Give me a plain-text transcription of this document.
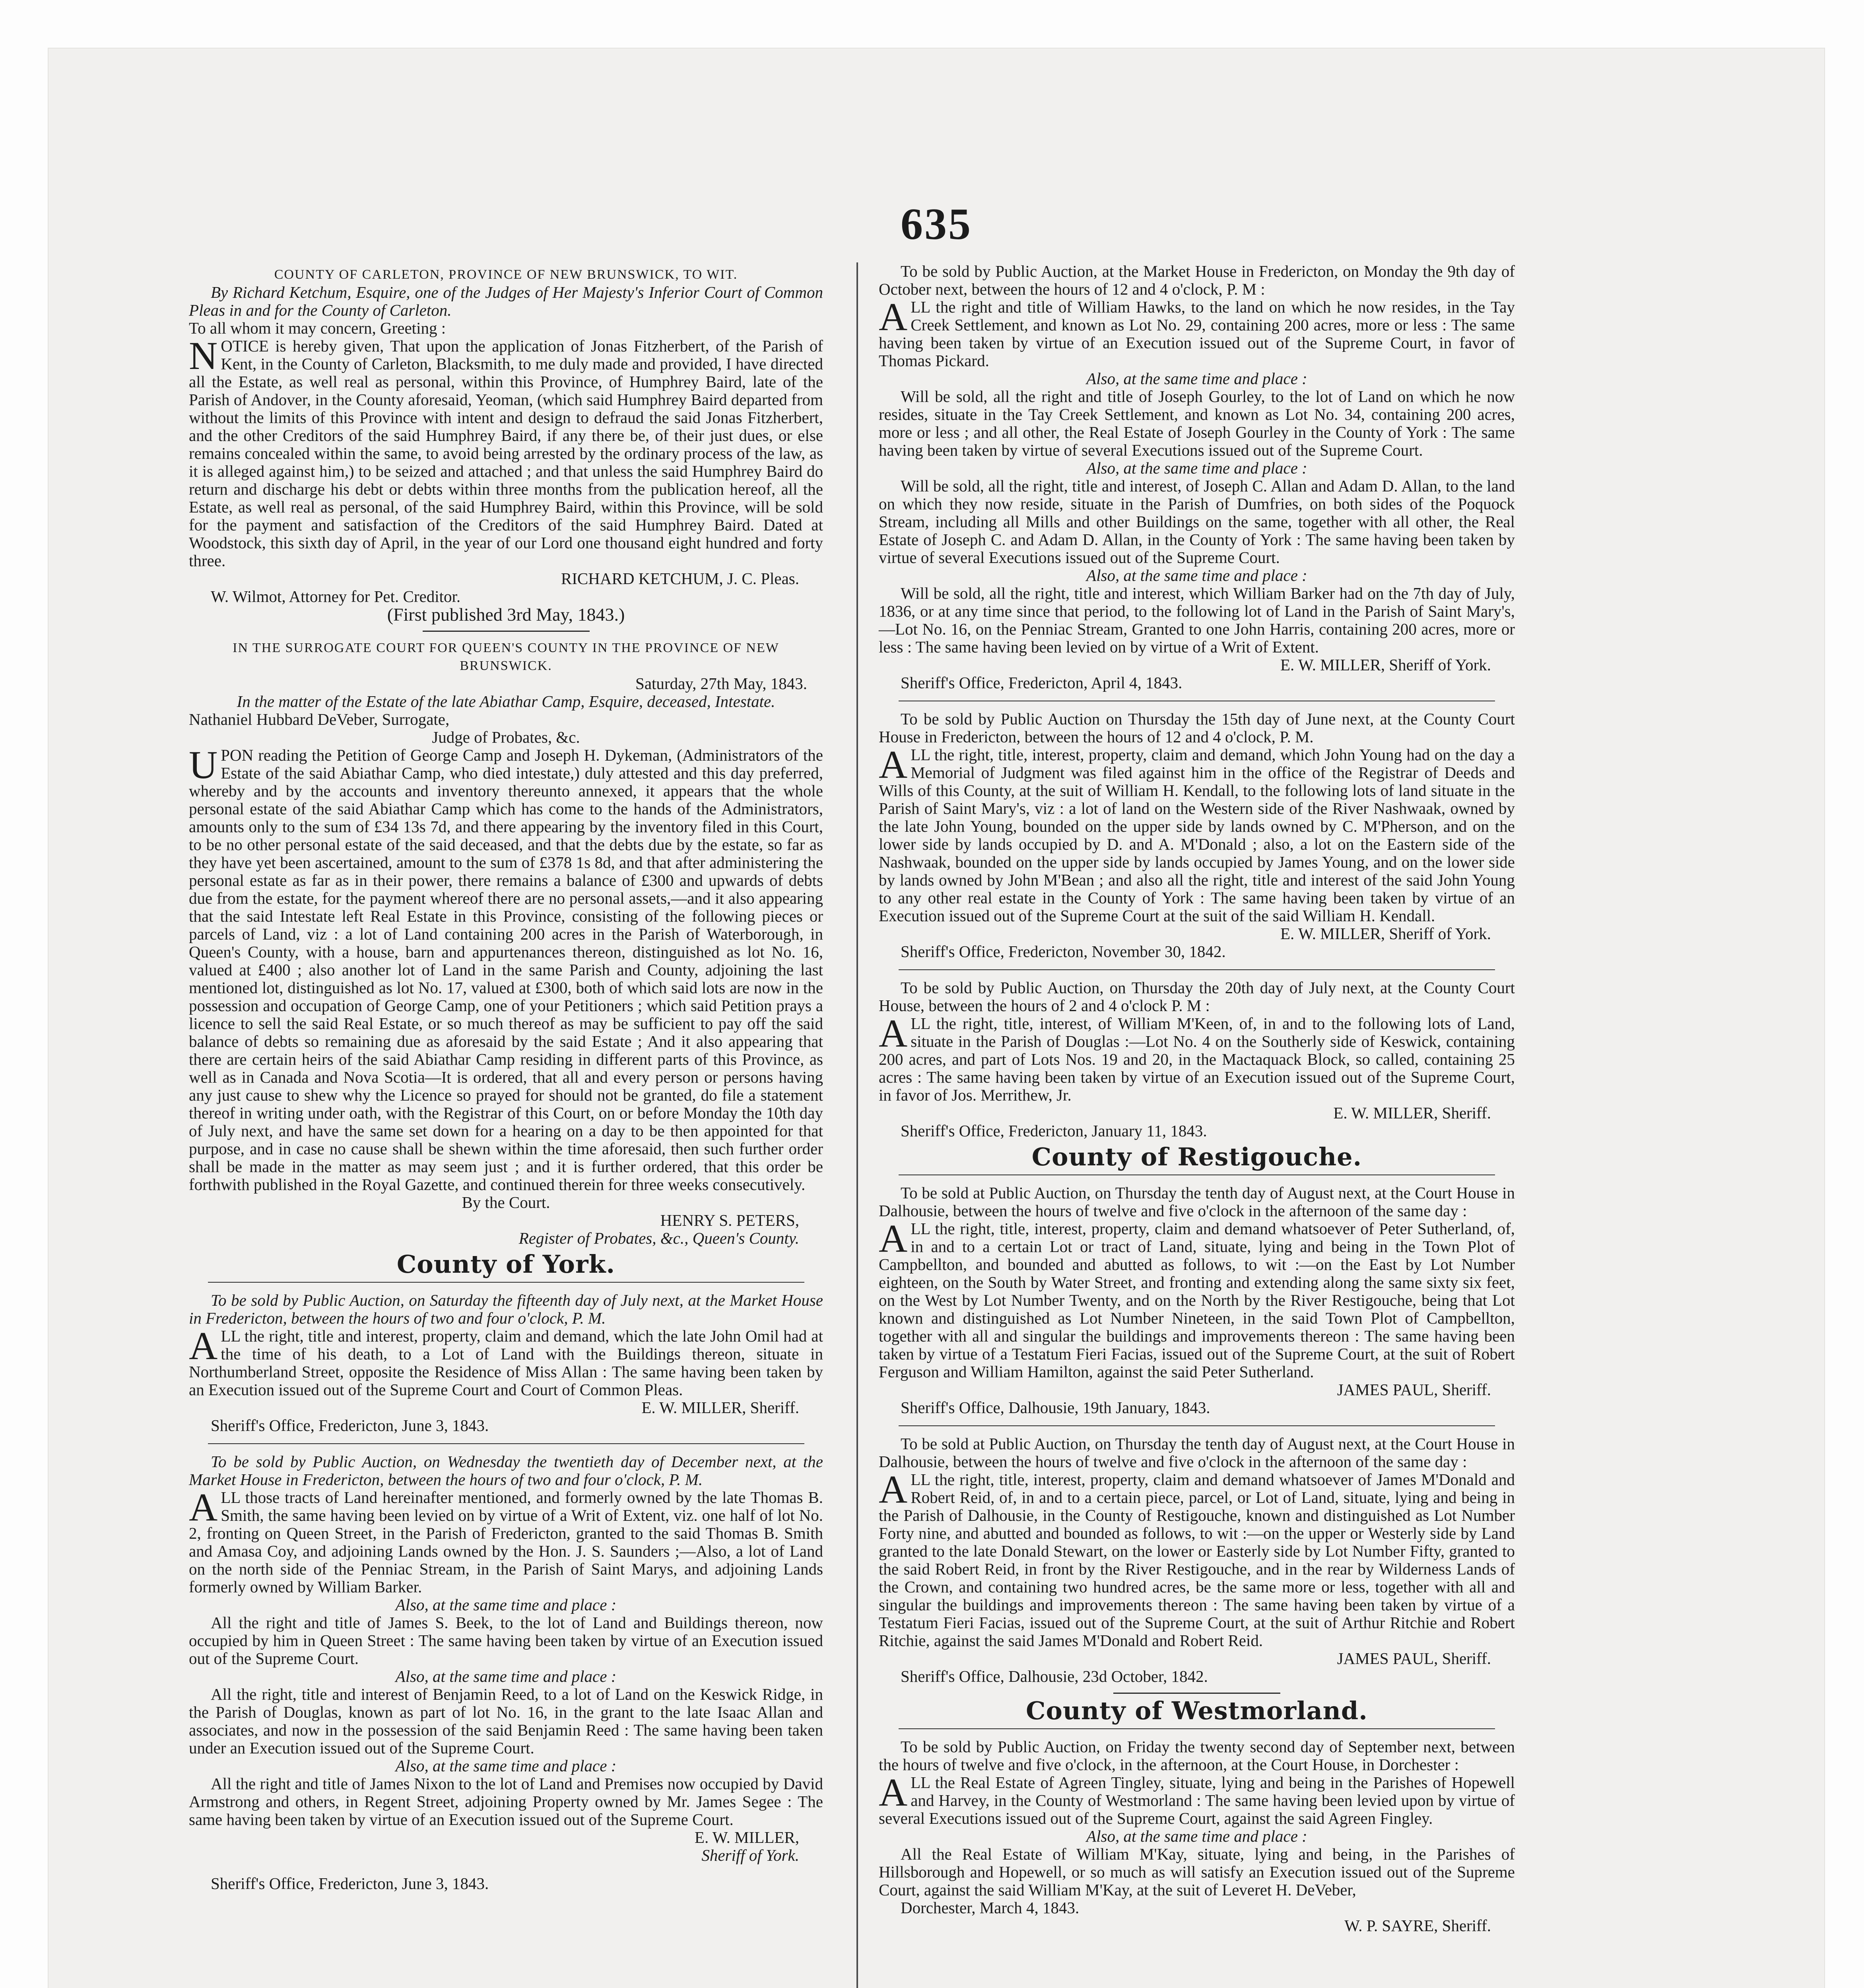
635

COUNTY OF CARLETON, PROVINCE OF NEW BRUNSWICK, TO WIT.

By Richard Ketchum, Esquire, one of the Judges of Her Majesty's Inferior Court of Common Pleas in and for the County of Carleton.

To all whom it may concern, Greeting :

NOTICE is hereby given, That upon the application of Jonas Fitzherbert, of the Parish of Kent, in the County of Carleton, Blacksmith, to me duly made and provided, I have directed all the Estate, as well real as personal, within this Province, of Humphrey Baird, late of the Parish of Andover, in the County aforesaid, Yeoman, (which said Humphrey Baird departed from without the limits of this Province with intent and design to defraud the said Jonas Fitzherbert, and the other Creditors of the said Humphrey Baird, if any there be, of their just dues, or else remains concealed within the same, to avoid being arrested by the ordinary process of the law, as it is alleged against him,) to be seized and attached ; and that unless the said Humphrey Baird do return and discharge his debt or debts within three months from the publication hereof, all the Estate, as well real as personal, of the said Humphrey Baird, within this Province, will be sold for the payment and satisfaction of the Creditors of the said Humphrey Baird. Dated at Woodstock, this sixth day of April, in the year of our Lord one thousand eight hundred and forty three.

RICHARD KETCHUM, J. C. Pleas.

W. Wilmot, Attorney for Pet. Creditor.

(First published 3rd May, 1843.)

IN THE SURROGATE COURT FOR QUEEN'S COUNTY IN THE PROVINCE OF NEW BRUNSWICK.

Saturday, 27th May, 1843.

In the matter of the Estate of the late Abiathar Camp, Esquire, deceased, Intestate.

Nathaniel Hubbard DeVeber, Surrogate,

Judge of Probates, &c.

UPON reading the Petition of George Camp and Joseph H. Dykeman, (Administrators of the Estate of the said Abiathar Camp, who died intestate,) duly attested and this day preferred, whereby and by the accounts and inventory thereunto annexed, it appears that the whole personal estate of the said Abiathar Camp which has come to the hands of the Administrators, amounts only to the sum of £34 13s 7d, and there appearing by the inventory filed in this Court, to be no other personal estate of the said deceased, and that the debts due by the estate, so far as they have yet been ascertained, amount to the sum of £378 1s 8d, and that after administering the personal estate as far as in their power, there remains a balance of £300 and upwards of debts due from the estate, for the payment whereof there are no personal assets,—and it also appearing that the said Intestate left Real Estate in this Province, consisting of the following pieces or parcels of Land, viz : a lot of Land containing 200 acres in the Parish of Waterborough, in Queen's County, with a house, barn and appurtenances thereon, distinguished as lot No. 16, valued at £400 ; also another lot of Land in the same Parish and County, adjoining the last mentioned lot, distinguished as lot No. 17, valued at £300, both of which said lots are now in the possession and occupation of George Camp, one of your Petitioners ; which said Petition prays a licence to sell the said Real Estate, or so much thereof as may be sufficient to pay off the said balance of debts so remaining due as aforesaid by the said Estate ; And it also appearing that there are certain heirs of the said Abiathar Camp residing in different parts of this Province, as well as in Canada and Nova Scotia—It is ordered, that all and every person or persons having any just cause to shew why the Licence so prayed for should not be granted, do file a statement thereof in writing under oath, with the Registrar of this Court, on or before Monday the 10th day of July next, and have the same set down for a hearing on a day to be then appointed for that purpose, and in case no cause shall be shewn within the time aforesaid, then such further order shall be made in the matter as may seem just ; and it is further ordered, that this order be forthwith published in the Royal Gazette, and continued therein for three weeks consecutively.

By the Court.

HENRY S. PETERS,

Register of Probates, &c., Queen's County.

County of York.

To be sold by Public Auction, on Saturday the fifteenth day of July next, at the Market House in Fredericton, between the hours of two and four o'clock, P. M.

ALL the right, title and interest, property, claim and demand, which the late John Omil had at the time of his death, to a Lot of Land with the Buildings thereon, situate in Northumberland Street, opposite the Residence of Miss Allan : The same having been taken by an Execution issued out of the Supreme Court and Court of Common Pleas.

E. W. MILLER, Sheriff.

Sheriff's Office, Fredericton, June 3, 1843.

To be sold by Public Auction, on Wednesday the twentieth day of December next, at the Market House in Fredericton, between the hours of two and four o'clock, P. M.

ALL those tracts of Land hereinafter mentioned, and formerly owned by the late Thomas B. Smith, the same having been levied on by virtue of a Writ of Extent, viz. one half of lot No. 2, fronting on Queen Street, in the Parish of Fredericton, granted to the said Thomas B. Smith and Amasa Coy, and adjoining Lands owned by the Hon. J. S. Saunders ;—Also, a lot of Land on the north side of the Penniac Stream, in the Parish of Saint Marys, and adjoining Lands formerly owned by William Barker.

Also, at the same time and place :

All the right and title of James S. Beek, to the lot of Land and Buildings thereon, now occupied by him in Queen Street : The same having been taken by virtue of an Execution issued out of the Supreme Court.

Also, at the same time and place :

All the right, title and interest of Benjamin Reed, to a lot of Land on the Keswick Ridge, in the Parish of Douglas, known as part of lot No. 16, in the grant to the late Isaac Allan and associates, and now in the possession of the said Benjamin Reed : The same having been taken under an Execution issued out of the Supreme Court.

Also, at the same time and place :

All the right and title of James Nixon to the lot of Land and Premises now occupied by David Armstrong and others, in Regent Street, adjoining Property owned by Mr. James Segee : The same having been taken by virtue of an Execution issued out of the Supreme Court.

E. W. MILLER,

Sheriff of York.

Sheriff's Office, Fredericton, June 3, 1843.

To be sold by Public Auction, at the Market House in Fredericton, on Monday the 9th day of October next, between the hours of 12 and 4 o'clock, P. M :

ALL the right and title of William Hawks, to the land on which he now resides, in the Tay Creek Settlement, and known as Lot No. 29, containing 200 acres, more or less : The same having been taken by virtue of an Execution issued out of the Supreme Court, in favor of Thomas Pickard.

Also, at the same time and place :

Will be sold, all the right and title of Joseph Gourley, to the lot of Land on which he now resides, situate in the Tay Creek Settlement, and known as Lot No. 34, containing 200 acres, more or less ; and all other, the Real Estate of Joseph Gourley in the County of York : The same having been taken by virtue of several Executions issued out of the Supreme Court.

Also, at the same time and place :

Will be sold, all the right, title and interest, of Joseph C. Allan and Adam D. Allan, to the land on which they now reside, situate in the Parish of Dumfries, on both sides of the Poquock Stream, including all Mills and other Buildings on the same, together with all other, the Real Estate of Joseph C. and Adam D. Allan, in the County of York : The same having been taken by virtue of several Executions issued out of the Supreme Court.

Also, at the same time and place :

Will be sold, all the right, title and interest, which William Barker had on the 7th day of July, 1836, or at any time since that period, to the following lot of Land in the Parish of Saint Mary's,—Lot No. 16, on the Penniac Stream, Granted to one John Harris, containing 200 acres, more or less : The same having been levied on by virtue of a Writ of Extent.

E. W. MILLER, Sheriff of York.

Sheriff's Office, Fredericton, April 4, 1843.

To be sold by Public Auction on Thursday the 15th day of June next, at the County Court House in Fredericton, between the hours of 12 and 4 o'clock, P. M.

ALL the right, title, interest, property, claim and demand, which John Young had on the day a Memorial of Judgment was filed against him in the office of the Registrar of Deeds and Wills of this County, at the suit of William H. Kendall, to the following lots of land situate in the Parish of Saint Mary's, viz : a lot of land on the Western side of the River Nashwaak, owned by the late John Young, bounded on the upper side by lands owned by C. M'Pherson, and on the lower side by lands occupied by D. and A. M'Donald ; also, a lot on the Eastern side of the Nashwaak, bounded on the upper side by lands occupied by James Young, and on the lower side by lands owned by John M'Bean ; and also all the right, title and interest of the said John Young to any other real estate in the County of York : The same having been taken by virtue of an Execution issued out of the Supreme Court at the suit of the said William H. Kendall.

E. W. MILLER, Sheriff of York.

Sheriff's Office, Fredericton, November 30, 1842.

To be sold by Public Auction, on Thursday the 20th day of July next, at the County Court House, between the hours of 2 and 4 o'clock P. M :

ALL the right, title, interest, of William M'Keen, of, in and to the following lots of Land, situate in the Parish of Douglas :—Lot No. 4 on the Southerly side of Keswick, containing 200 acres, and part of Lots Nos. 19 and 20, in the Mactaquack Block, so called, containing 25 acres : The same having been taken by virtue of an Execution issued out of the Supreme Court, in favor of Jos. Merrithew, Jr.

E. W. MILLER, Sheriff.

Sheriff's Office, Fredericton, January 11, 1843.

County of Restigouche.

To be sold at Public Auction, on Thursday the tenth day of August next, at the Court House in Dalhousie, between the hours of twelve and five o'clock in the afternoon of the same day :

ALL the right, title, interest, property, claim and demand whatsoever of Peter Sutherland, of, in and to a certain Lot or tract of Land, situate, lying and being in the Town Plot of Campbellton, and bounded and abutted as follows, to wit :—on the East by Lot Number eighteen, on the South by Water Street, and fronting and extending along the same sixty six feet, on the West by Lot Number Twenty, and on the North by the River Restigouche, being that Lot known and distinguished as Lot Number Nineteen, in the said Town Plot of Campbellton, together with all and singular the buildings and improvements thereon : The same having been taken by virtue of a Testatum Fieri Facias, issued out of the Supreme Court, at the suit of Robert Ferguson and William Hamilton, against the said Peter Sutherland.

JAMES PAUL, Sheriff.

Sheriff's Office, Dalhousie, 19th January, 1843.

To be sold at Public Auction, on Thursday the tenth day of August next, at the Court House in Dalhousie, between the hours of twelve and five o'clock in the afternoon of the same day :

ALL the right, title, interest, property, claim and demand whatsoever of James M'Donald and Robert Reid, of, in and to a certain piece, parcel, or Lot of Land, situate, lying and being in the Parish of Dalhousie, in the County of Restigouche, known and distinguished as Lot Number Forty nine, and abutted and bounded as follows, to wit :—on the upper or Westerly side by Land granted to the late Donald Stewart, on the lower or Easterly side by Lot Number Fifty, granted to the said Robert Reid, in front by the River Restigouche, and in the rear by Wilderness Lands of the Crown, and containing two hundred acres, be the same more or less, together with all and singular the buildings and improvements thereon : The same having been taken by virtue of a Testatum Fieri Facias, issued out of the Supreme Court, at the suit of Arthur Ritchie and Robert Ritchie, against the said James M'Donald and Robert Reid.

JAMES PAUL, Sheriff.

Sheriff's Office, Dalhousie, 23d October, 1842.

County of Westmorland.

To be sold by Public Auction, on Friday the twenty second day of September next, between the hours of twelve and five o'clock, in the afternoon, at the Court House, in Dorchester :

ALL the Real Estate of Agreen Tingley, situate, lying and being in the Parishes of Hopewell and Harvey, in the County of Westmorland : The same having been levied upon by virtue of several Executions issued out of the Supreme Court, against the said Agreen Fingley.

Also, at the same time and place :

All the Real Estate of William M'Kay, situate, lying and being, in the Parishes of Hillsborough and Hopewell, or so much as will satisfy an Execution issued out of the Supreme Court, against the said William M'Kay, at the suit of Leveret H. DeVeber,

Dorchester, March 4, 1843.

W. P. SAYRE, Sheriff.
